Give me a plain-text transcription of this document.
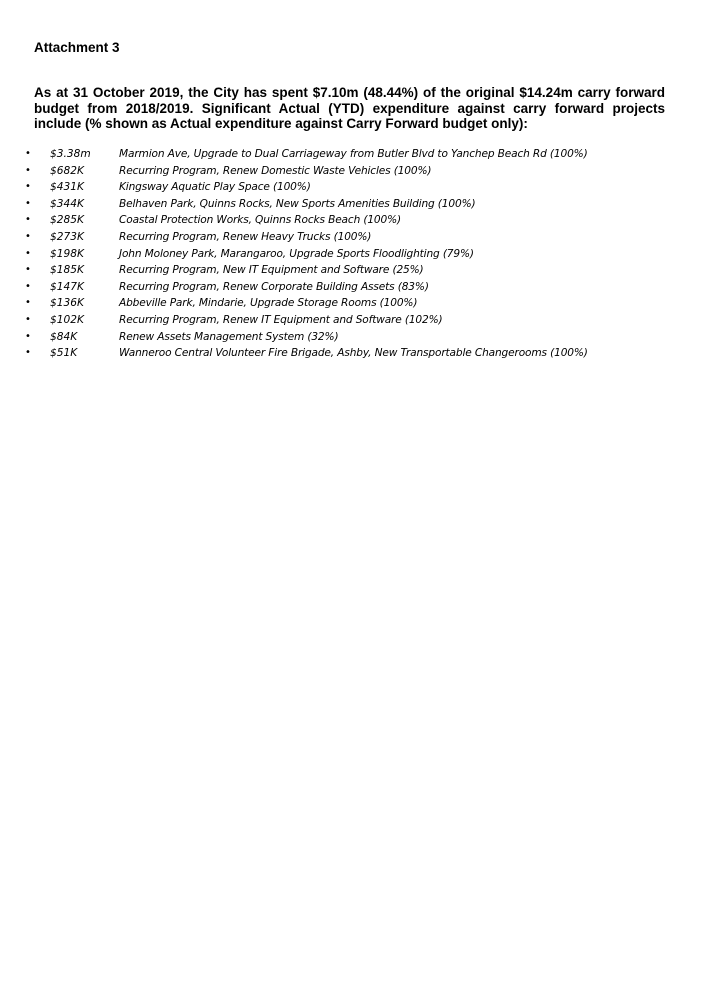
Attachment 3

As at 31 October 2019, the City has spent $7.10m (48.44%) of the original $14.24m carry forward budget from 2018/2019. Significant Actual (YTD) expenditure against carry forward projects include (% shown as Actual expenditure against Carry Forward budget only):

• $3.38m	Marmion Ave, Upgrade to Dual Carriageway from Butler Blvd to Yanchep Beach Rd (100%)
• $682K	Recurring Program, Renew Domestic Waste Vehicles (100%)
• $431K	Kingsway Aquatic Play Space (100%)
• $344K	Belhaven Park, Quinns Rocks, New Sports Amenities Building (100%)
• $285K	Coastal Protection Works, Quinns Rocks Beach (100%)
• $273K	Recurring Program, Renew Heavy Trucks (100%)
• $198K	John Moloney Park, Marangaroo, Upgrade Sports Floodlighting (79%)
• $185K	Recurring Program, New IT Equipment and Software (25%)
• $147K	Recurring Program, Renew Corporate Building Assets (83%)
• $136K	Abbeville Park, Mindarie, Upgrade Storage Rooms (100%)
• $102K	Recurring Program, Renew IT Equipment and Software (102%)
• $84K	Renew Assets Management System (32%)
• $51K	Wanneroo Central Volunteer Fire Brigade, Ashby, New Transportable Changerooms (100%)
